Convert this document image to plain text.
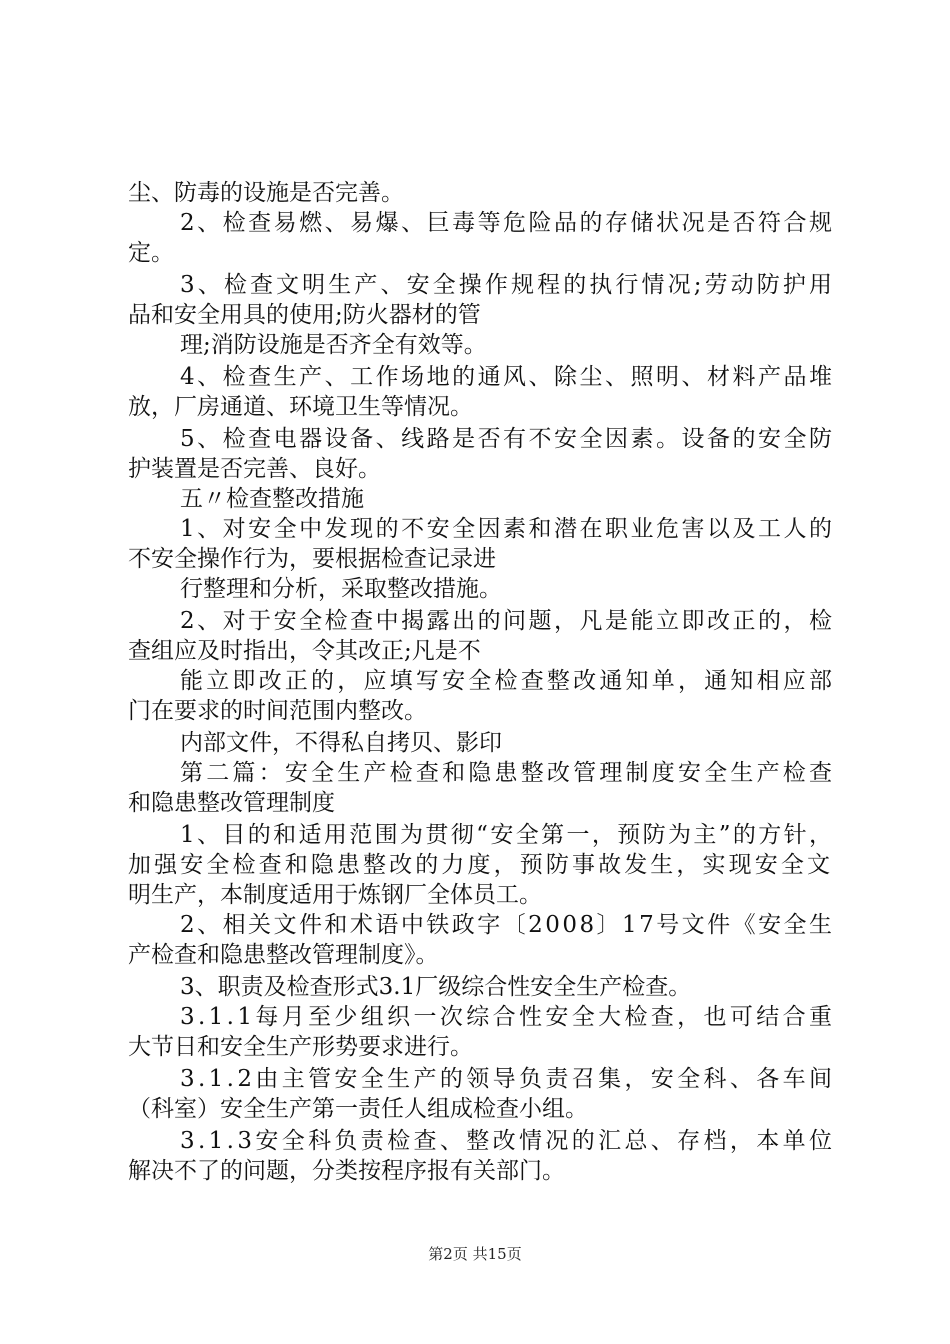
尘、防毒的设施是否完善。
2、检查易燃、易爆、巨毒等危险品的存储状况是否符合规
定。
3、检查文明生产、安全操作规程的执行情况;劳动防护用
品和安全用具的使用;防火器材的管
理;消防设施是否齐全有效等。
4、检查生产、工作场地的通风、除尘、照明、材料产品堆
放，厂房通道、环境卫生等情况。
5、检查电器设备、线路是否有不安全因素。设备的安全防
护装置是否完善、良好。
五〃检查整改措施
1、对安全中发现的不安全因素和潜在职业危害以及工人的
不安全操作行为，要根据检查记录进
行整理和分析，采取整改措施。
2、对于安全检查中揭露出的问题，凡是能立即改正的，检
查组应及时指出，令其改正;凡是不
能立即改正的，应填写安全检查整改通知单，通知相应部
门在要求的时间范围内整改。
内部文件，不得私自拷贝、影印
第二篇：安全生产检查和隐患整改管理制度安全生产检查
和隐患整改管理制度
1、目的和适用范围为贯彻“安全第一，预防为主”的方针，
加强安全检查和隐患整改的力度，预防事故发生，实现安全文
明生产，本制度适用于炼钢厂全体员工。
2、相关文件和术语中铁政字〔2008〕17号文件《安全生
产检查和隐患整改管理制度》。
3、职责及检查形式3.1厂级综合性安全生产检查。
3.1.1每月至少组织一次综合性安全大检查，也可结合重
大节日和安全生产形势要求进行。
3.1.2由主管安全生产的领导负责召集，安全科、各车间
（科室）安全生产第一责任人组成检查小组。
3.1.3安全科负责检查、整改情况的汇总、存档，本单位
解决不了的问题，分类按程序报有关部门。
第2页 共15页
